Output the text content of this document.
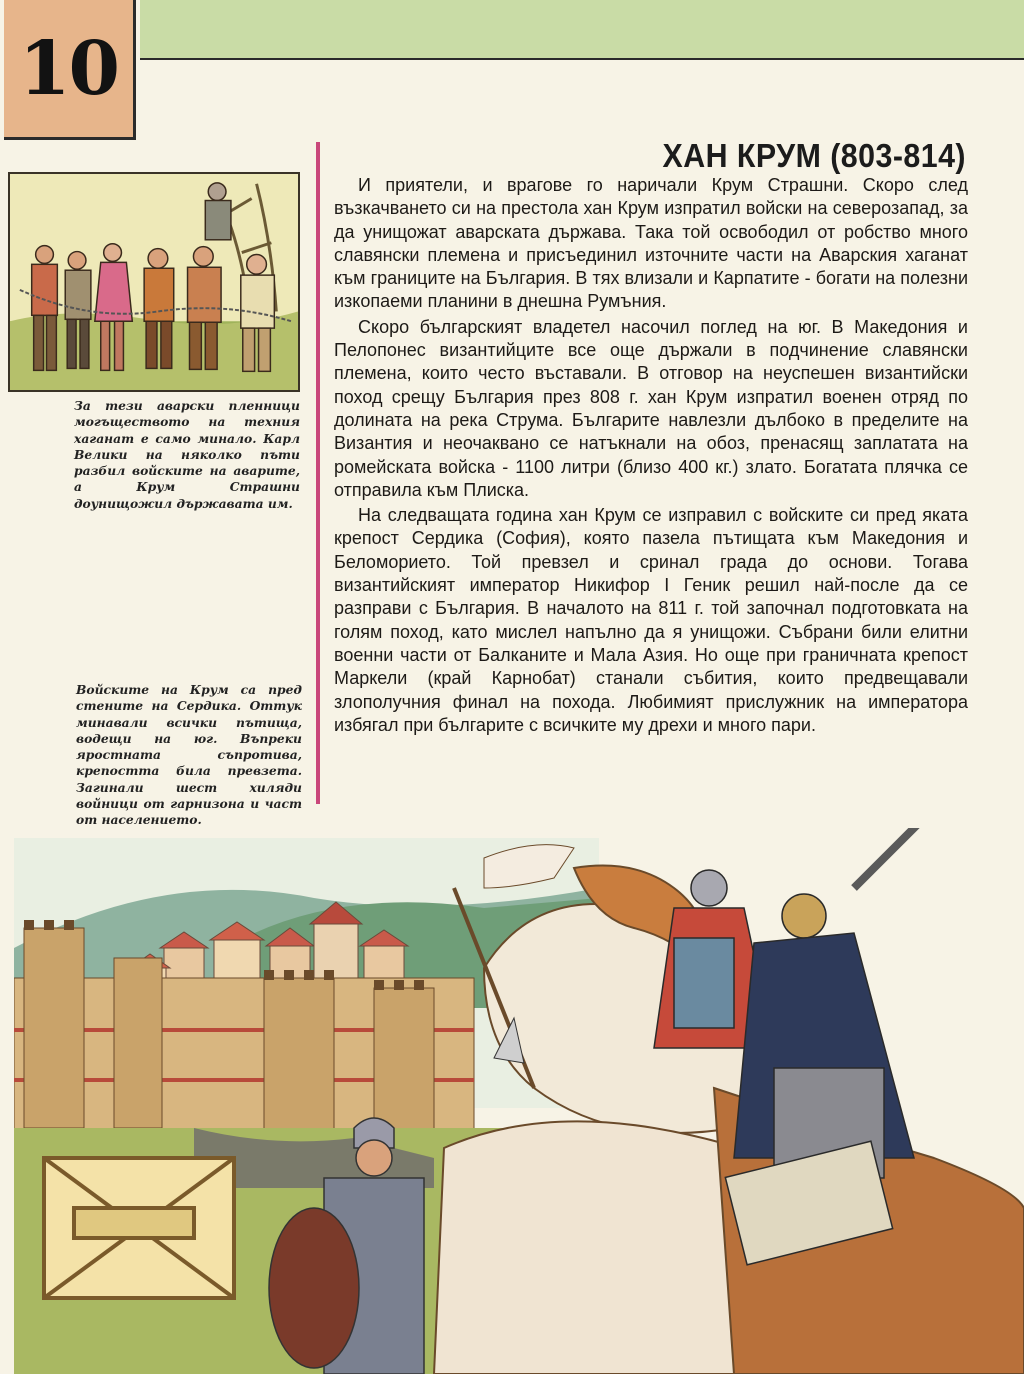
10
ХАН КРУМ (803-814)

И приятели, и врагове го наричали Крум Страшни. Скоро след възкачването си на престола хан Крум изпратил войски на северозапад, за да унищожат аварската държава. Така той освободил от робство много славянски племена и присъединил източните части на Аварския хаганат към границите на България. В тях влизали и Карпатите - богати на полезни изкопаеми планини в днешна Румъния.

Скоро българският владетел насочил поглед на юг. В Македония и Пелопонес византийците все още държали в подчинение славянски племена, които често въставали. В отговор на неуспешен византийски поход срещу България през 808 г. хан Крум изпратил военен отряд по долината на река Струма. Българите навлезли дълбоко в пределите на Византия и неочаквано се натъкнали на обоз, пренасящ заплатата на ромейската войска - 1100 литри (близо 400 кг.) злато. Богатата плячка се отправила към Плиска.

На следващата година хан Крум се изправил с войските си пред яката крепост Сердика (София), която пазела пътищата към Македония и Беломорието. Той превзел и сринал града до основи. Тогава византийският император Никифор I Геник решил най-после да се разправи с България. В началото на 811 г. той започнал подготовката на голям поход, като мислел напълно да я унищожи. Събрани били елитни военни части от Балканите и Мала Азия. Но още при граничната крепост Маркели (край Карнобат) станали събития, които предвещавали злополучния финал на похода. Любимият прислужник на императора избягал при българите с всичките му дрехи и много пари.

За тези аварски пленници могъществото на техния хаганат е само минало. Карл Велики на няколко пъти разбил войските на аварите, а Крум Страшни доунищожил държавата им.
Войските на Крум са пред стените на Сердика. Оттук минавали всички пътища, водещи на юг. Въпреки яростната съпротива, крепостта била превзета. Загинали шест хиляди войници от гарнизона и част от населението.
